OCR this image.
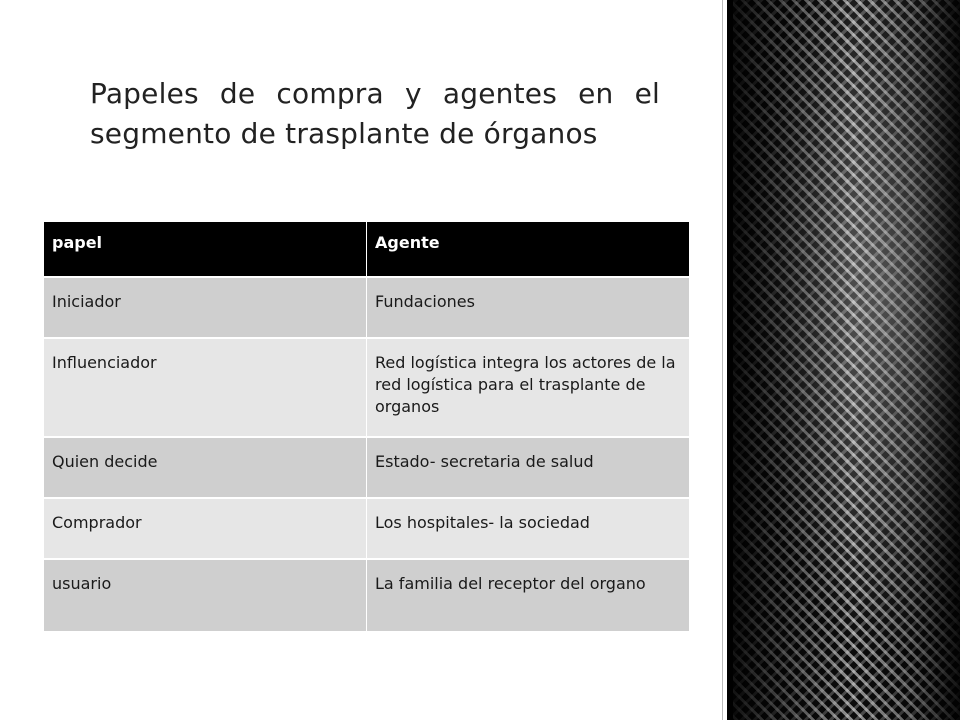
Papeles de compra y agentes en el segmento de trasplante de órganos
papel	Agente
Iniciador	Fundaciones
Influenciador	Red logística integra los actores de la red logística para el trasplante de organos
Quien decide	Estado- secretaria de salud
Comprador	Los hospitales- la sociedad
usuario	La familia del receptor del organo
